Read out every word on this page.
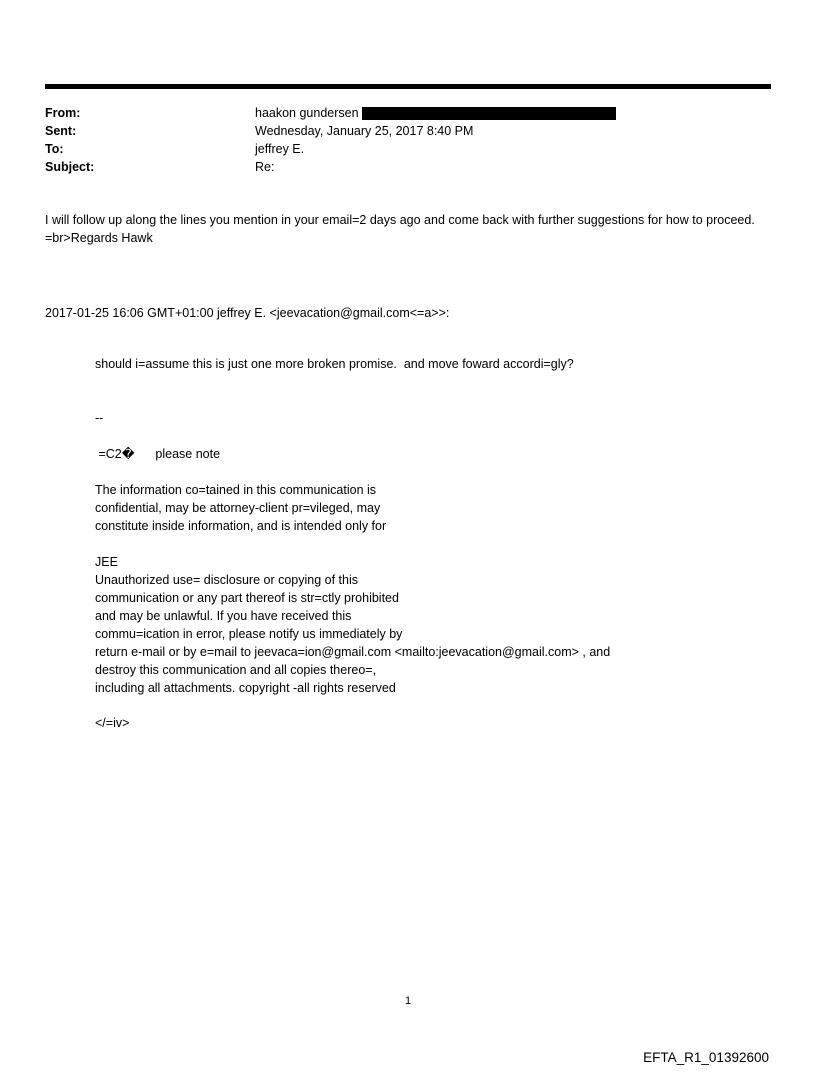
From:	haakon gundersen
Sent:	Wednesday, January 25, 2017 8:40 PM
To:	jeffrey E.
Subject:	Re:
I will follow up along the lines you mention in your email=2 days ago and come back with further suggestions for how to proceed.
=br>Regards Hawk
2017-01-25 16:06 GMT+01:00 jeffrey E. <jeevacation@gmail.com<=a>>:
should i=assume this is just one more broken promise.  and move foward accordi=gly?
--
=C2�      please note
The information co=tained in this communication is
confidential, may be attorney-client pr=vileged, may
constitute inside information, and is intended only for
JEE
Unauthorized use= disclosure or copying of this
communication or any part thereof is str=ctly prohibited
and may be unlawful. If you have received this
commu=ication in error, please notify us immediately by
return e-mail or by e=mail to jeevaca=ion@gmail.com <mailto:jeevacation@gmail.com> , and
destroy this communication and all copies thereo=,
including all attachments. copyright -all rights reserved
</=iv>
1
EFTA_R1_01392600
